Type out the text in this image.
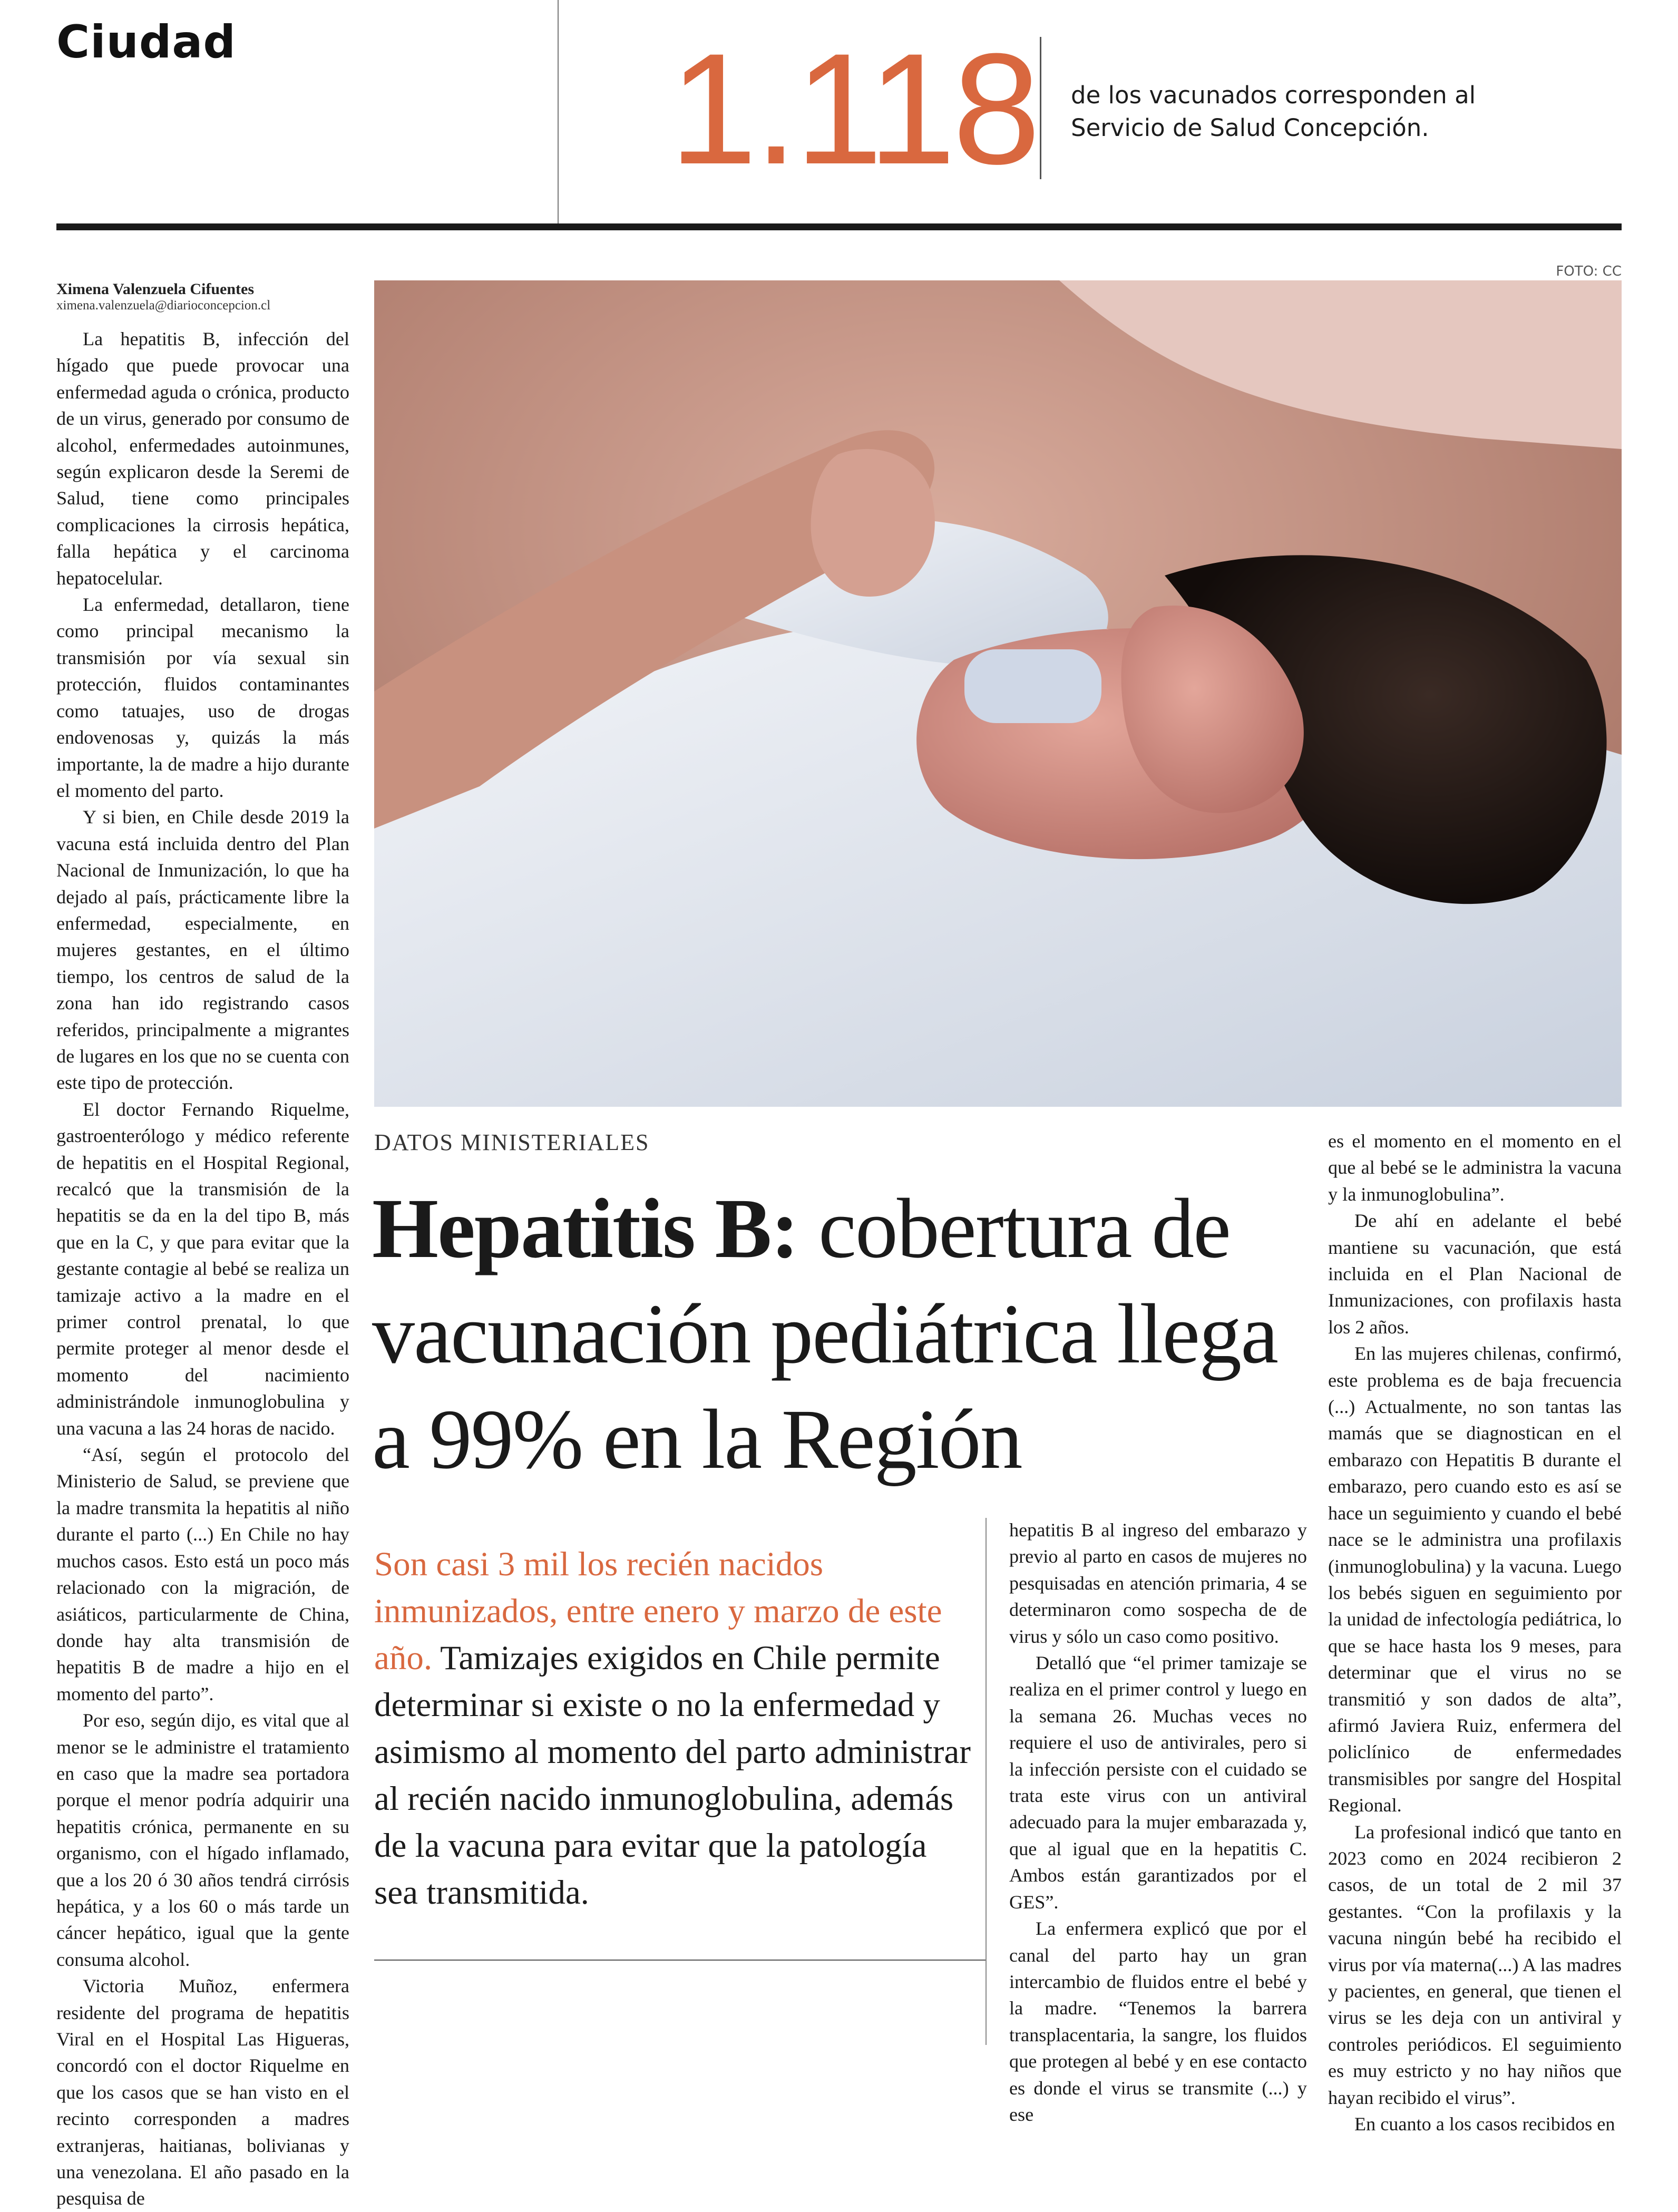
Ciudad	1.118 de los vacunados corresponden al Servicio de Salud Concepción.
Ximena Valenzuela Cifuentes
ximena.valenzuela@diarioconcepcion.cl
FOTO: CC

La hepatitis B, infección del hígado que puede provocar una enfermedad aguda o crónica, producto de un virus, generado por consumo de alcohol, enfermedades autoinmunes, según explicaron desde la Seremi de Salud, tiene como principales complicaciones la cirrosis hepática, falla hepática y el carcinoma hepatocelular.

La enfermedad, detallaron, tiene como principal mecanismo la transmisión por vía sexual sin protección, fluidos contaminantes como tatuajes, uso de drogas endovenosas y, quizás la más importante, la de madre a hijo durante el momento del parto.

Y si bien, en Chile desde 2019 la vacuna está incluida dentro del Plan Nacional de Inmunización, lo que ha dejado al país, prácticamente libre la enfermedad, especialmente, en mujeres gestantes, en el último tiempo, los centros de salud de la zona han ido registrando casos referidos, principalmente a migrantes de lugares en los que no se cuenta con este tipo de protección.

El doctor Fernando Riquelme, gastroenterólogo y médico referente de hepatitis en el Hospital Regional, recalcó que la transmisión de la hepatitis se da en la del tipo B, más que en la C, y que para evitar que la gestante contagie al bebé se realiza un tamizaje activo a la madre en el primer control prenatal, lo que permite proteger al menor desde el momento del nacimiento administrándole inmunoglobulina y una vacuna a las 24 horas de nacido.

“Así, según el protocolo del Ministerio de Salud, se previene que la madre transmita la hepatitis al niño durante el parto (...) En Chile no hay muchos casos. Esto está un poco más relacionado con la migración, de asiáticos, particularmente de China, donde hay alta transmisión de hepatitis B de madre a hijo en el momento del parto”.

Por eso, según dijo, es vital que al menor se le administre el tratamiento en caso que la madre sea portadora porque el menor podría adquirir una hepatitis crónica, permanente en su organismo, con el hígado inflamado, que a los 20 ó 30 años tendrá cirrósis hepática, y a los 60 o más tarde un cáncer hepático, igual que la gente consuma alcohol.

Victoria Muñoz, enfermera residente del programa de hepatitis Viral en el Hospital Las Higueras, concordó con el doctor Riquelme en que los casos que se han visto en el recinto corresponden a madres extranjeras, haitianas, bolivianas y una venezolana. El año pasado en la pesquisa de

DATOS MINISTERIALES
Hepatitis B: cobertura de vacunación pediátrica llega a 99% en la Región
Son casi 3 mil los recién nacidos inmunizados, entre enero y marzo de este año. Tamizajes exigidos en Chile permite determinar si existe o no la enfermedad y asimismo al momento del parto administrar al recién nacido inmunoglobulina, además de la vacuna para evitar que la patología sea transmitida.

hepatitis B al ingreso del embarazo y previo al parto en casos de mujeres no pesquisadas en atención primaria, 4 se determinaron como sospecha de de virus y sólo un caso como positivo.

Detalló que “el primer tamizaje se realiza en el primer control y luego en la semana 26. Muchas veces no requiere el uso de antivirales, pero si la infección persiste con el cuidado se trata este virus con un antiviral adecuado para la mujer embarazada y, que al igual que en la hepatitis C. Ambos están garantizados por el GES”.

La enfermera explicó que por el canal del parto hay un gran intercambio de fluidos entre el bebé y la madre. “Tenemos la barrera transplacentaria, la sangre, los fluidos que protegen al bebé y en ese contacto es donde el virus se transmite (...) y ese

es el momento en el momento en el que al bebé se le administra la vacuna y la inmunoglobulina”.

De ahí en adelante el bebé mantiene su vacunación, que está incluida en el Plan Nacional de Inmunizaciones, con profilaxis hasta los 2 años.

En las mujeres chilenas, confirmó, este problema es de baja frecuencia (...) Actualmente, no son tantas las mamás que se diagnostican en el embarazo con Hepatitis B durante el embarazo, pero cuando esto es así se hace un seguimiento y cuando el bebé nace se le administra una profilaxis (inmunoglobulina) y la vacuna. Luego los bebés siguen en seguimiento por la unidad de infectología pediátrica, lo que se hace hasta los 9 meses, para determinar que el virus no se transmitió y son dados de alta”, afirmó Javiera Ruiz, enfermera del policlínico de enfermedades transmisibles por sangre del Hospital Regional.

La profesional indicó que tanto en 2023 como en 2024 recibieron 2 casos, de un total de 2 mil 37 gestantes. “Con la profilaxis y la vacuna ningún bebé ha recibido el virus por vía materna(...) A las madres y pacientes, en general, que tienen el virus se les deja con un antiviral y controles periódicos. El seguimiento es muy estricto y no hay niños que hayan recibido el virus”.

En cuanto a los casos recibidos en
